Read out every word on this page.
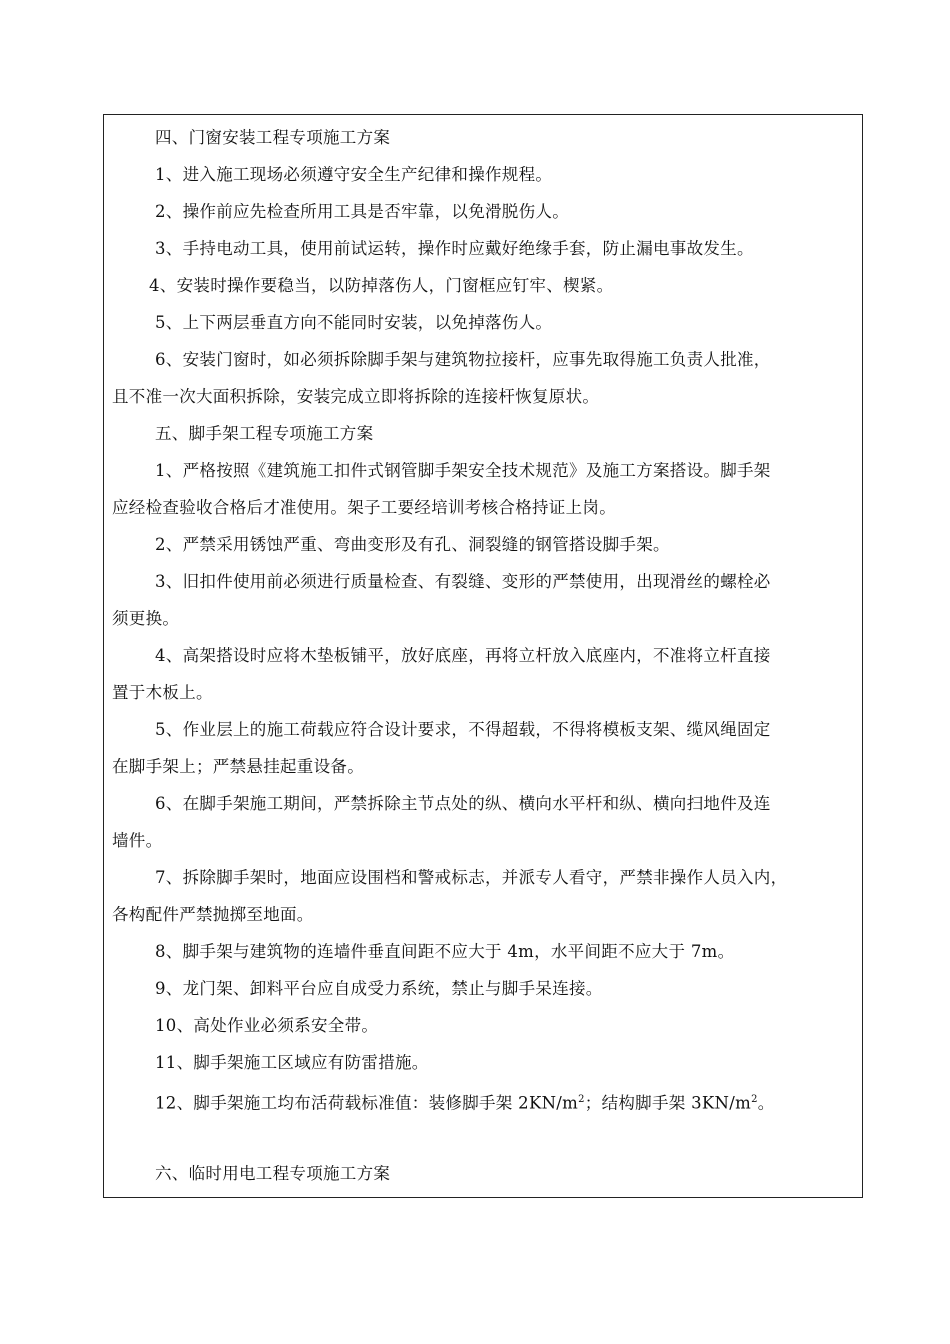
四、门窗安装工程专项施工方案
1、进入施工现场必须遵守安全生产纪律和操作规程。
2、操作前应先检查所用工具是否牢靠，以免滑脱伤人。
3、手持电动工具，使用前试运转，操作时应戴好绝缘手套，防止漏电事故发生。
4、安装时操作要稳当，以防掉落伤人，门窗框应钉牢、楔紧。
5、上下两层垂直方向不能同时安装，以免掉落伤人。
6、安装门窗时，如必须拆除脚手架与建筑物拉接杆，应事先取得施工负责人批准，
且不准一次大面积拆除，安装完成立即将拆除的连接杆恢复原状。
五、脚手架工程专项施工方案
1、严格按照《建筑施工扣件式钢管脚手架安全技术规范》及施工方案搭设。脚手架
应经检查验收合格后才准使用。架子工要经培训考核合格持证上岗。
2、严禁采用锈蚀严重、弯曲变形及有孔、洞裂缝的钢管搭设脚手架。
3、旧扣件使用前必须进行质量检查、有裂缝、变形的严禁使用，出现滑丝的螺栓必
须更换。
4、高架搭设时应将木垫板铺平，放好底座，再将立杆放入底座内，不准将立杆直接
置于木板上。
5、作业层上的施工荷载应符合设计要求，不得超载，不得将模板支架、缆风绳固定
在脚手架上；严禁悬挂起重设备。
6、在脚手架施工期间，严禁拆除主节点处的纵、横向水平杆和纵、横向扫地件及连
墙件。
7、拆除脚手架时，地面应设围档和警戒标志，并派专人看守，严禁非操作人员入内，
各构配件严禁抛掷至地面。
8、脚手架与建筑物的连墙件垂直间距不应大于 4m，水平间距不应大于 7m。
9、龙门架、卸料平台应自成受力系统，禁止与脚手呆连接。
10、高处作业必须系安全带。
11、脚手架施工区域应有防雷措施。
12、脚手架施工均布活荷载标准值：装修脚手架 $2KN/m^2$；结构脚手架 $3KN/m^2$。
六、临时用电工程专项施工方案
